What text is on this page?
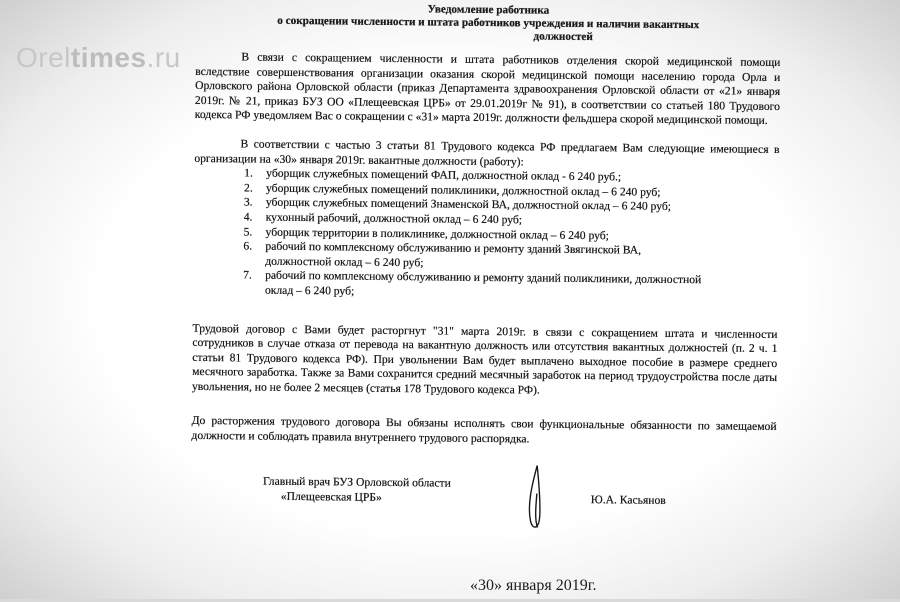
Oreltimes.ru
Уведомление работника
о сокращении численности и штата работников учреждения и наличии вакантных
должностей

В связи с сокращением численности и штата работников отделения скорой медицинской помощи вследствие совершенствования организации оказания скорой медицинской помощи населению города Орла и Орловского района Орловской области (приказ Департамента здравоохранения Орловской области от «21» января 2019г. № 21, приказ БУЗ ОО «Плещеевская ЦРБ» от 29.01.2019г № 91), в соответствии со статьей 180 Трудового кодекса РФ уведомляем Вас о сокращении с «31» марта 2019г. должности фельдшера скорой медицинской помощи.

В соответствии с частью 3 статьи 81 Трудового кодекса РФ предлагаем Вам следующие имеющиеся в организации на «30» января 2019г. вакантные должности (работу):

1.	уборщик служебных помещений ФАП, должностной оклад - 6 240 руб.;
2.	уборщик служебных помещений поликлиники, должностной оклад – 6 240 руб;
3.	уборщик служебных помещений Знаменской ВА, должностной оклад – 6 240 руб;
4.	кухонный рабочий, должностной оклад – 6 240 руб;
5.	уборщик территории в поликлинике, должностной оклад – 6 240 руб;
6.	рабочий по комплексному обслуживанию и ремонту зданий Звягинской ВА, должностной оклад – 6 240 руб;
7.	рабочий по комплексному обслуживанию и ремонту зданий поликлиники, должностной оклад – 6 240 руб;

Трудовой договор с Вами будет расторгнут "31" марта 2019г. в связи с сокращением штата и численности сотрудников в случае отказа от перевода на вакантную должность или отсутствия вакантных должностей (п. 2 ч. 1 статьи 81 Трудового кодекса РФ). При увольнении Вам будет выплачено выходное пособие в размере среднего месячного заработка. Также за Вами сохранится средний месячный заработок на период трудоустройства после даты увольнения, но не более 2 месяцев (статья 178 Трудового кодекса РФ).

До расторжения трудового договора Вы обязаны исполнять свои функциональные обязанности по замещаемой должности и соблюдать правила внутреннего трудового распорядка.

Главный врач БУЗ Орловской области
«Плещеевская ЦРБ»	Ю.А. Касьянов
«30» января 2019г.
